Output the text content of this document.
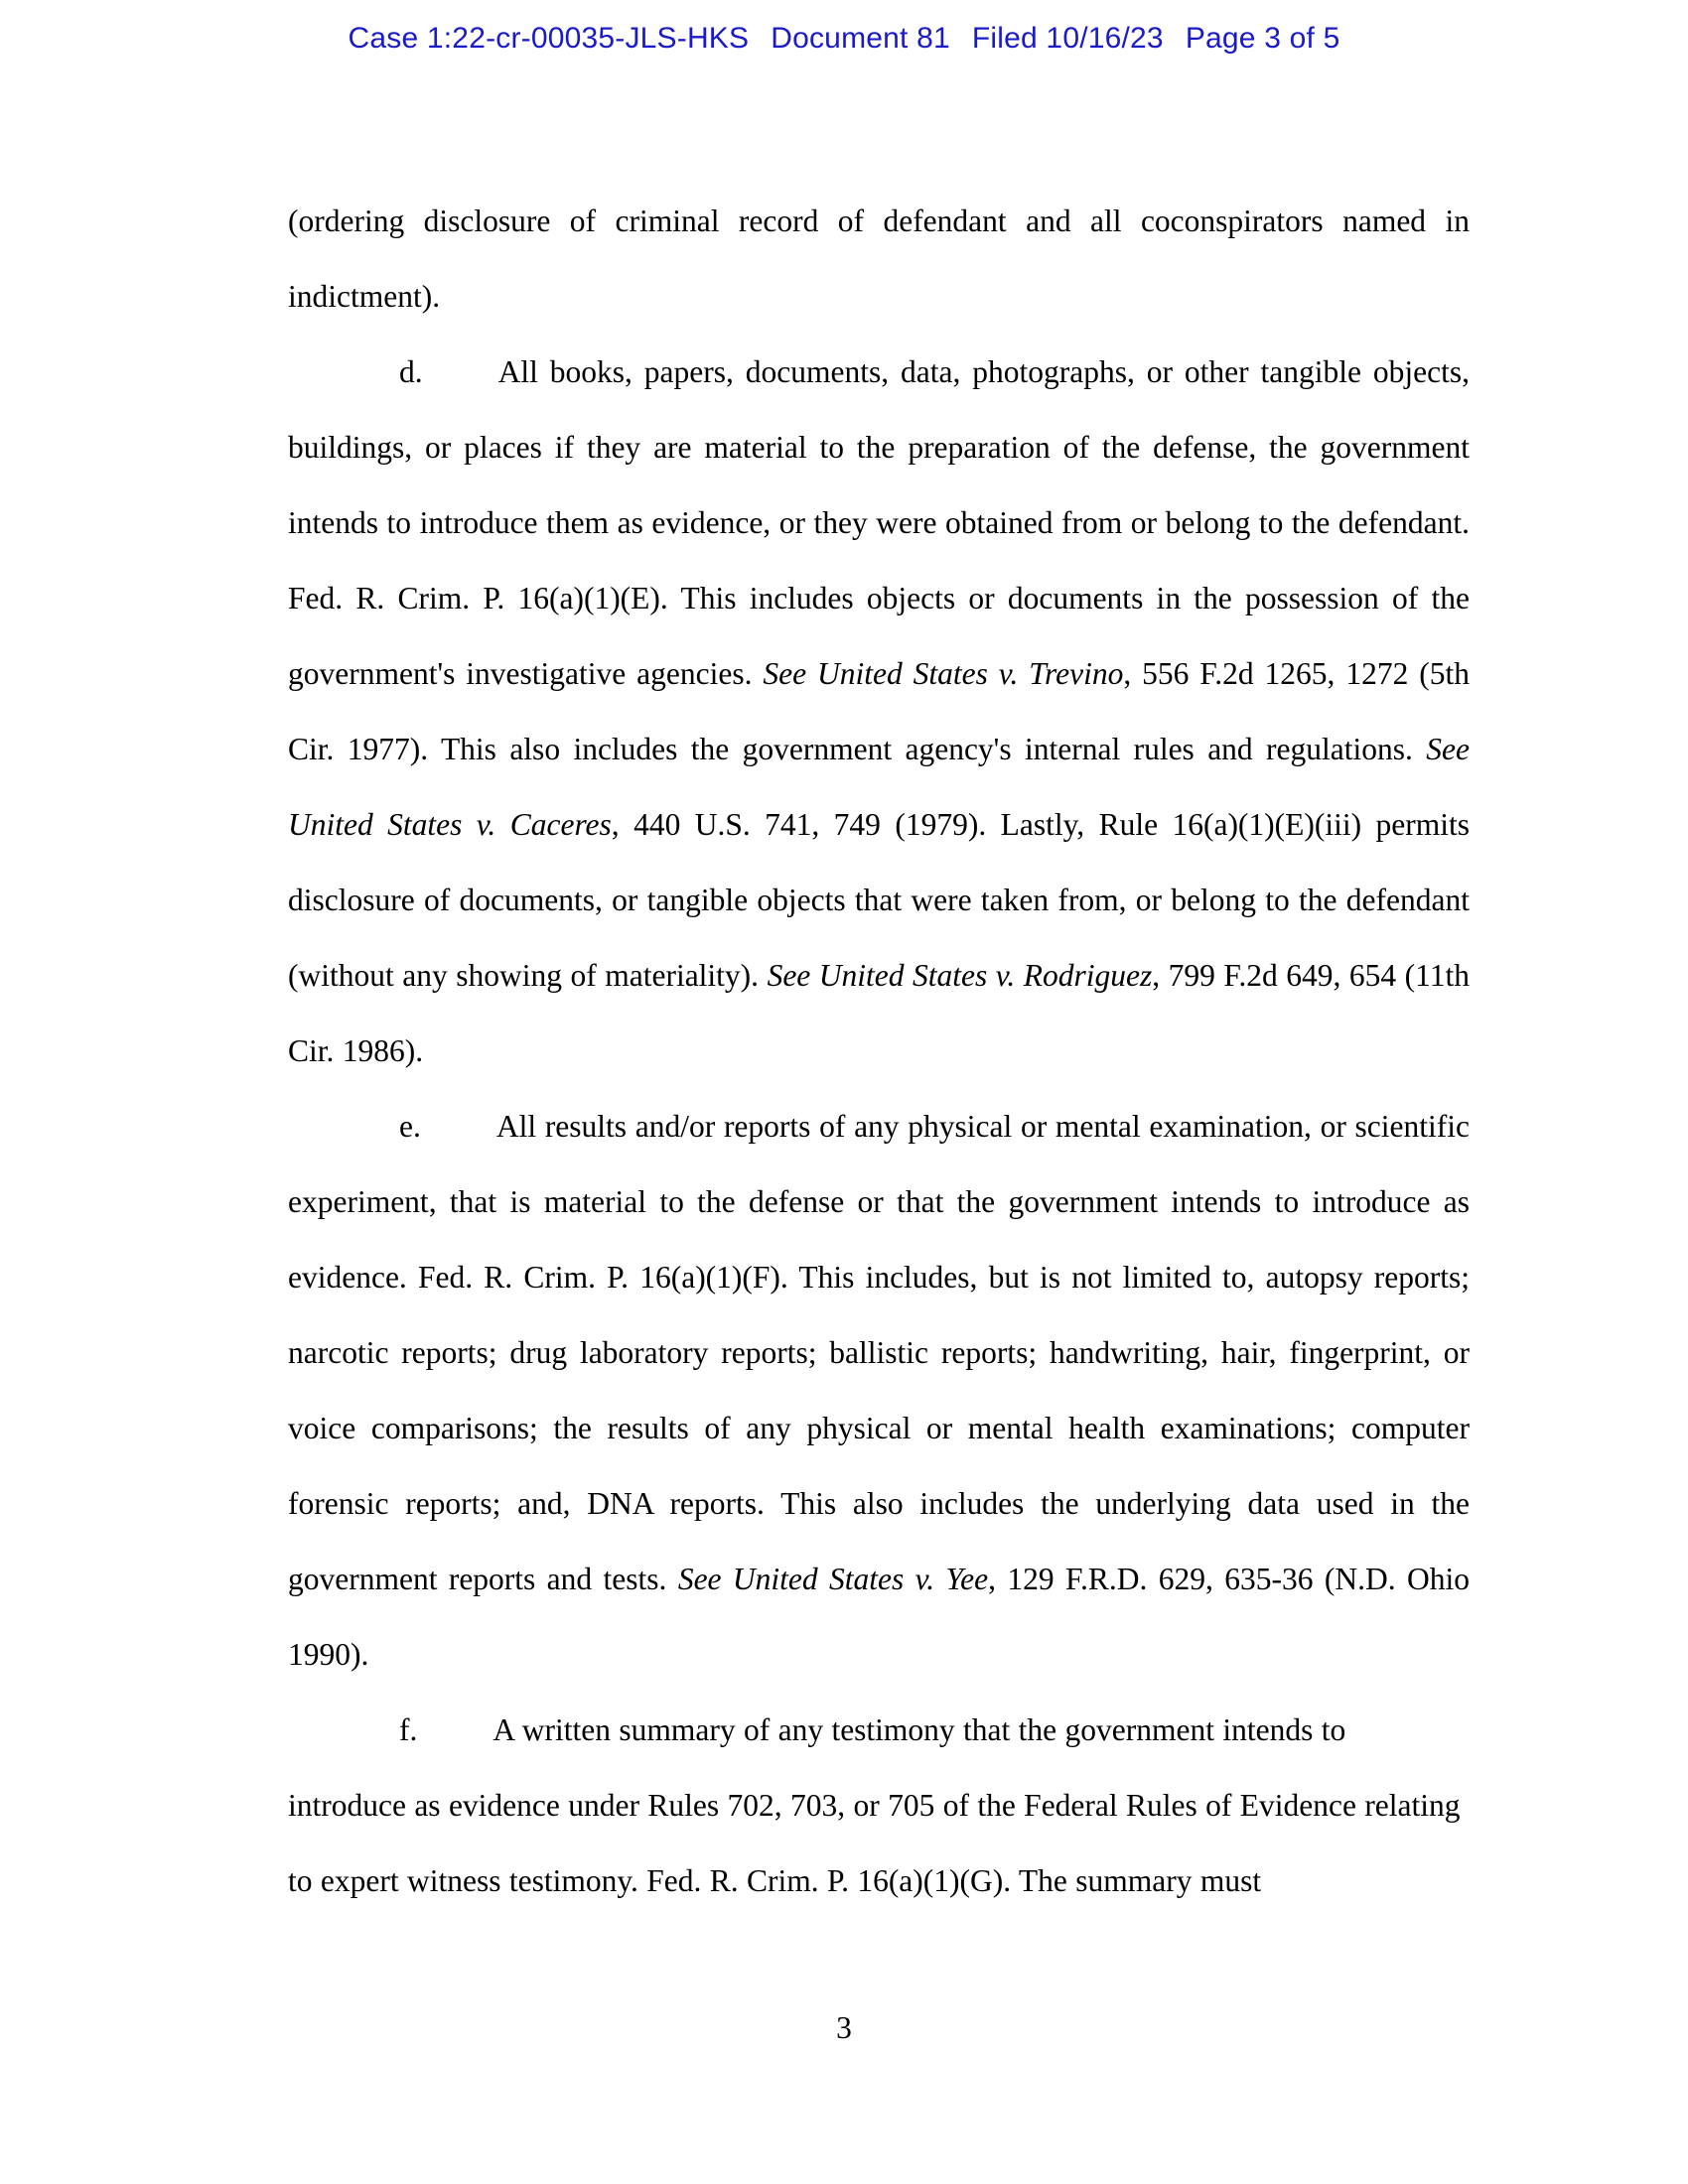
Case 1:22-cr-00035-JLS-HKS Document 81 Filed 10/16/23 Page 3 of 5

(ordering disclosure of criminal record of defendant and all coconspirators named in indictment).

d. All books, papers, documents, data, photographs, or other tangible objects, buildings, or places if they are material to the preparation of the defense, the government intends to introduce them as evidence, or they were obtained from or belong to the defendant. Fed. R. Crim. P. 16(a)(1)(E). This includes objects or documents in the possession of the government's investigative agencies. See United States v. Trevino, 556 F.2d 1265, 1272 (5th Cir. 1977). This also includes the government agency's internal rules and regulations. See United States v. Caceres, 440 U.S. 741, 749 (1979). Lastly, Rule 16(a)(1)(E)(iii) permits disclosure of documents, or tangible objects that were taken from, or belong to the defendant (without any showing of materiality). See United States v. Rodriguez, 799 F.2d 649, 654 (11th Cir. 1986).

e. All results and/or reports of any physical or mental examination, or scientific experiment, that is material to the defense or that the government intends to introduce as evidence. Fed. R. Crim. P. 16(a)(1)(F). This includes, but is not limited to, autopsy reports; narcotic reports; drug laboratory reports; ballistic reports; handwriting, hair, fingerprint, or voice comparisons; the results of any physical or mental health examinations; computer forensic reports; and, DNA reports. This also includes the underlying data used in the government reports and tests. See United States v. Yee, 129 F.R.D. 629, 635-36 (N.D. Ohio 1990).

f. A written summary of any testimony that the government intends to introduce as evidence under Rules 702, 703, or 705 of the Federal Rules of Evidence relating to expert witness testimony. Fed. R. Crim. P. 16(a)(1)(G). The summary must

3
